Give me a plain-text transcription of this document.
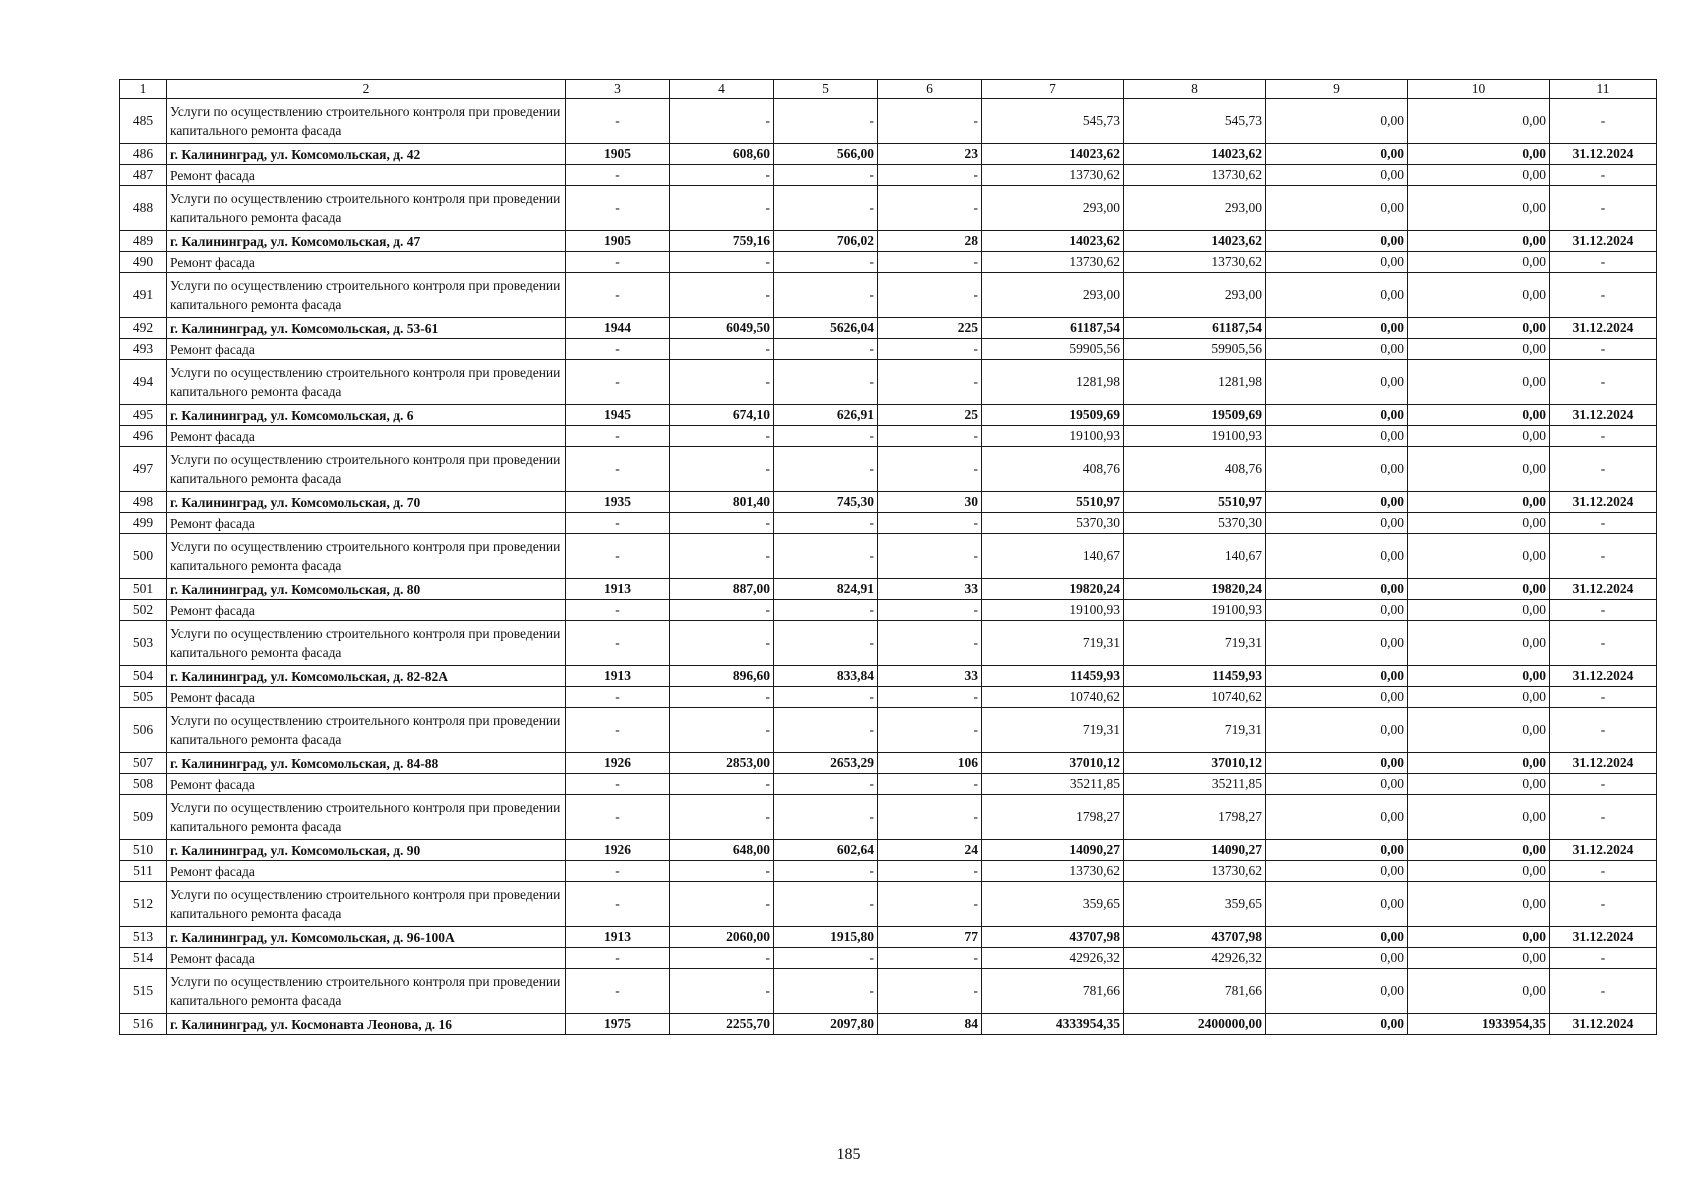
1	2	3	4	5	6	7	8	9	10	11
485	Услуги по осуществлению строительного контроля при проведении капитального ремонта фасада	-	-	-	-	545,73	545,73	0,00	0,00	-
486	г. Калининград, ул. Комсомольская, д. 42	1905	608,60	566,00	23	14023,62	14023,62	0,00	0,00	31.12.2024
487	Ремонт фасада	-	-	-	-	13730,62	13730,62	0,00	0,00	-
488	Услуги по осуществлению строительного контроля при проведении капитального ремонта фасада	-	-	-	-	293,00	293,00	0,00	0,00	-
489	г. Калининград, ул. Комсомольская, д. 47	1905	759,16	706,02	28	14023,62	14023,62	0,00	0,00	31.12.2024
490	Ремонт фасада	-	-	-	-	13730,62	13730,62	0,00	0,00	-
491	Услуги по осуществлению строительного контроля при проведении капитального ремонта фасада	-	-	-	-	293,00	293,00	0,00	0,00	-
492	г. Калининград, ул. Комсомольская, д. 53-61	1944	6049,50	5626,04	225	61187,54	61187,54	0,00	0,00	31.12.2024
493	Ремонт фасада	-	-	-	-	59905,56	59905,56	0,00	0,00	-
494	Услуги по осуществлению строительного контроля при проведении капитального ремонта фасада	-	-	-	-	1281,98	1281,98	0,00	0,00	-
495	г. Калининград, ул. Комсомольская, д. 6	1945	674,10	626,91	25	19509,69	19509,69	0,00	0,00	31.12.2024
496	Ремонт фасада	-	-	-	-	19100,93	19100,93	0,00	0,00	-
497	Услуги по осуществлению строительного контроля при проведении капитального ремонта фасада	-	-	-	-	408,76	408,76	0,00	0,00	-
498	г. Калининград, ул. Комсомольская, д. 70	1935	801,40	745,30	30	5510,97	5510,97	0,00	0,00	31.12.2024
499	Ремонт фасада	-	-	-	-	5370,30	5370,30	0,00	0,00	-
500	Услуги по осуществлению строительного контроля при проведении капитального ремонта фасада	-	-	-	-	140,67	140,67	0,00	0,00	-
501	г. Калининград, ул. Комсомольская, д. 80	1913	887,00	824,91	33	19820,24	19820,24	0,00	0,00	31.12.2024
502	Ремонт фасада	-	-	-	-	19100,93	19100,93	0,00	0,00	-
503	Услуги по осуществлению строительного контроля при проведении капитального ремонта фасада	-	-	-	-	719,31	719,31	0,00	0,00	-
504	г. Калининград, ул. Комсомольская, д. 82-82А	1913	896,60	833,84	33	11459,93	11459,93	0,00	0,00	31.12.2024
505	Ремонт фасада	-	-	-	-	10740,62	10740,62	0,00	0,00	-
506	Услуги по осуществлению строительного контроля при проведении капитального ремонта фасада	-	-	-	-	719,31	719,31	0,00	0,00	-
507	г. Калининград, ул. Комсомольская, д. 84-88	1926	2853,00	2653,29	106	37010,12	37010,12	0,00	0,00	31.12.2024
508	Ремонт фасада	-	-	-	-	35211,85	35211,85	0,00	0,00	-
509	Услуги по осуществлению строительного контроля при проведении капитального ремонта фасада	-	-	-	-	1798,27	1798,27	0,00	0,00	-
510	г. Калининград, ул. Комсомольская, д. 90	1926	648,00	602,64	24	14090,27	14090,27	0,00	0,00	31.12.2024
511	Ремонт фасада	-	-	-	-	13730,62	13730,62	0,00	0,00	-
512	Услуги по осуществлению строительного контроля при проведении капитального ремонта фасада	-	-	-	-	359,65	359,65	0,00	0,00	-
513	г. Калининград, ул. Комсомольская, д. 96-100А	1913	2060,00	1915,80	77	43707,98	43707,98	0,00	0,00	31.12.2024
514	Ремонт фасада	-	-	-	-	42926,32	42926,32	0,00	0,00	-
515	Услуги по осуществлению строительного контроля при проведении капитального ремонта фасада	-	-	-	-	781,66	781,66	0,00	0,00	-
516	г. Калининград, ул. Космонавта Леонова, д. 16	1975	2255,70	2097,80	84	4333954,35	2400000,00	0,00	1933954,35	31.12.2024
185
